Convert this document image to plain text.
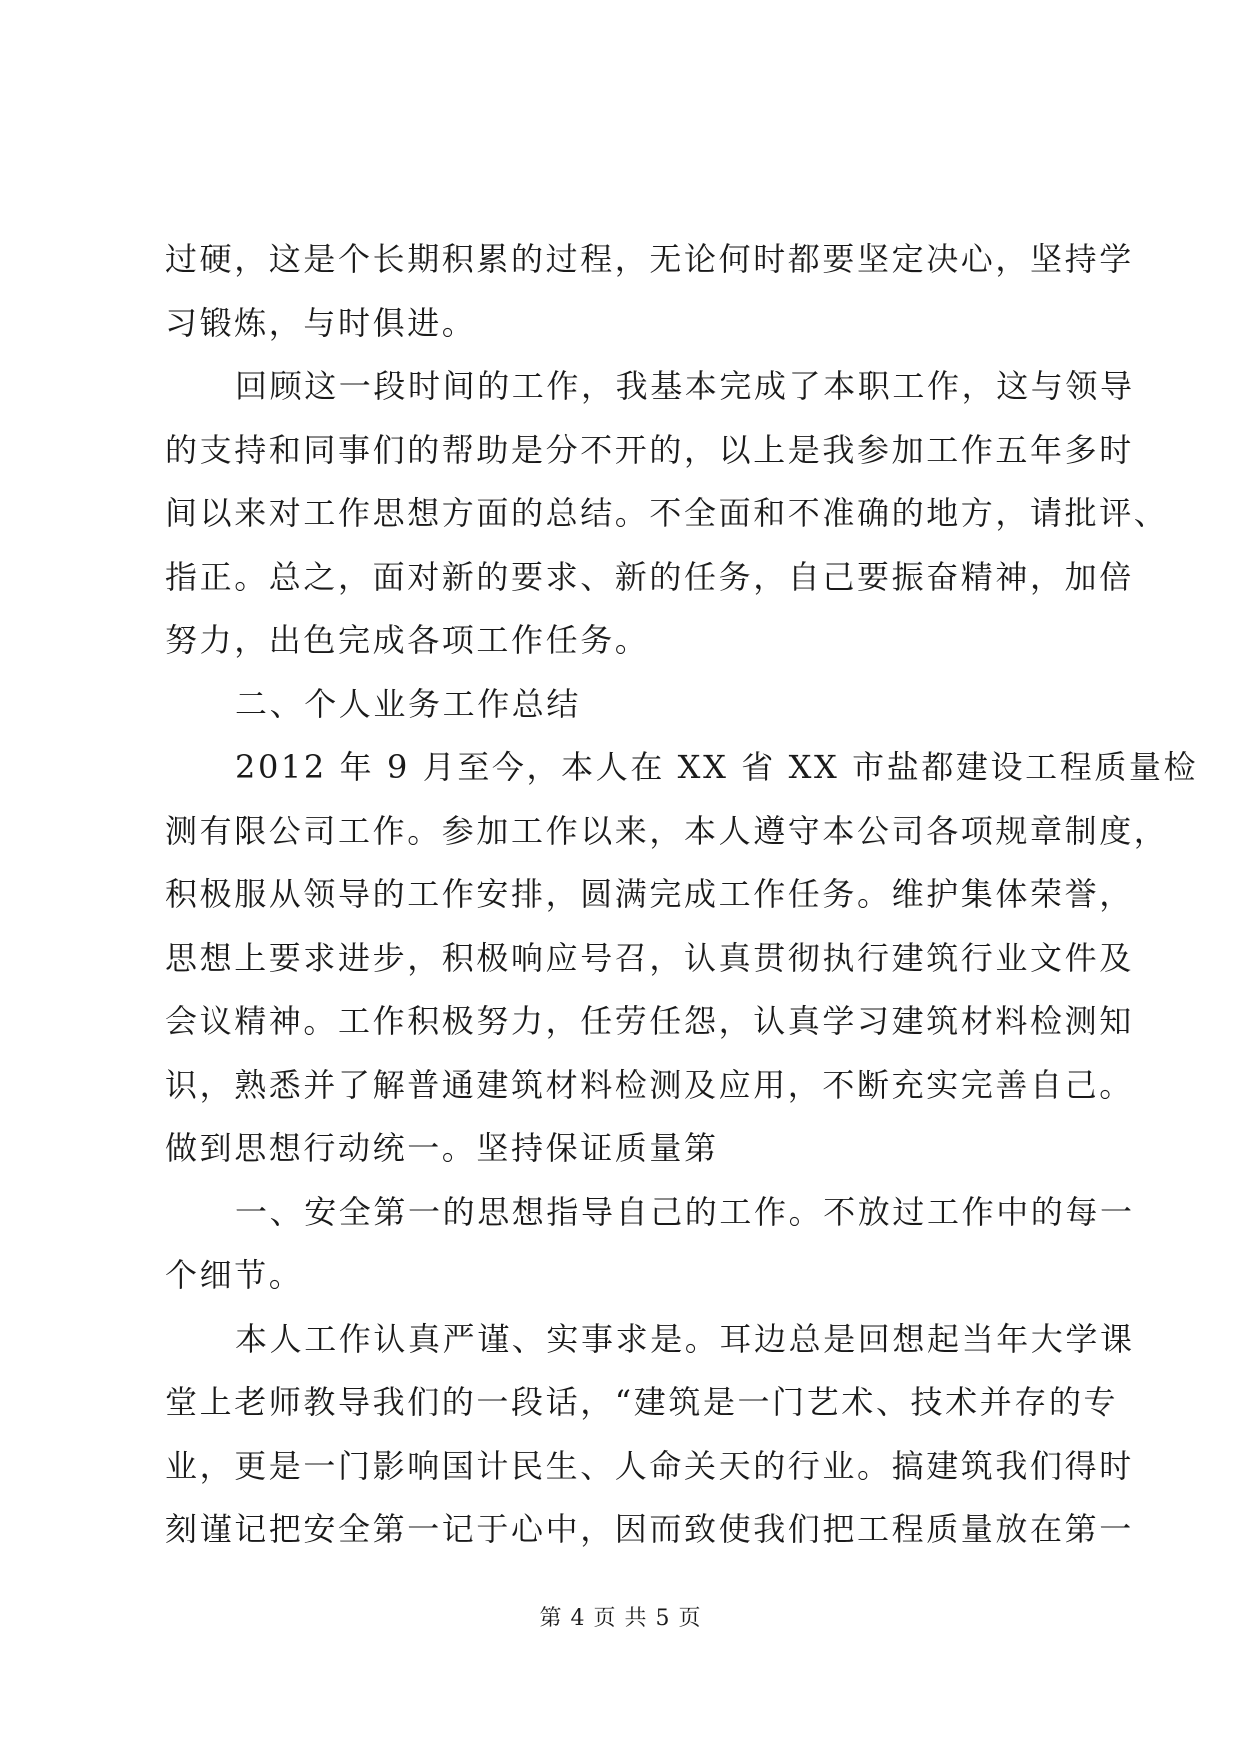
过硬，这是个长期积累的过程，无论何时都要坚定决心，坚持学
习锻炼，与时俱进。
回顾这一段时间的工作，我基本完成了本职工作，这与领导
的支持和同事们的帮助是分不开的，以上是我参加工作五年多时
间以来对工作思想方面的总结。不全面和不准确的地方，请批评、
指正。总之，面对新的要求、新的任务，自己要振奋精神，加倍
努力，出色完成各项工作任务。
二、个人业务工作总结
2012 年 9 月至今，本人在 XX 省 XX 市盐都建设工程质量检
测有限公司工作。参加工作以来，本人遵守本公司各项规章制度，
积极服从领导的工作安排，圆满完成工作任务。维护集体荣誉，
思想上要求进步，积极响应号召，认真贯彻执行建筑行业文件及
会议精神。工作积极努力，任劳任怨，认真学习建筑材料检测知
识，熟悉并了解普通建筑材料检测及应用，不断充实完善自己。
做到思想行动统一。坚持保证质量第
一、安全第一的思想指导自己的工作。不放过工作中的每一
个细节。
本人工作认真严谨、实事求是。耳边总是回想起当年大学课
堂上老师教导我们的一段话，“建筑是一门艺术、技术并存的专
业，更是一门影响国计民生、人命关天的行业。搞建筑我们得时
刻谨记把安全第一记于心中，因而致使我们把工程质量放在第一
第 4 页 共 5 页
